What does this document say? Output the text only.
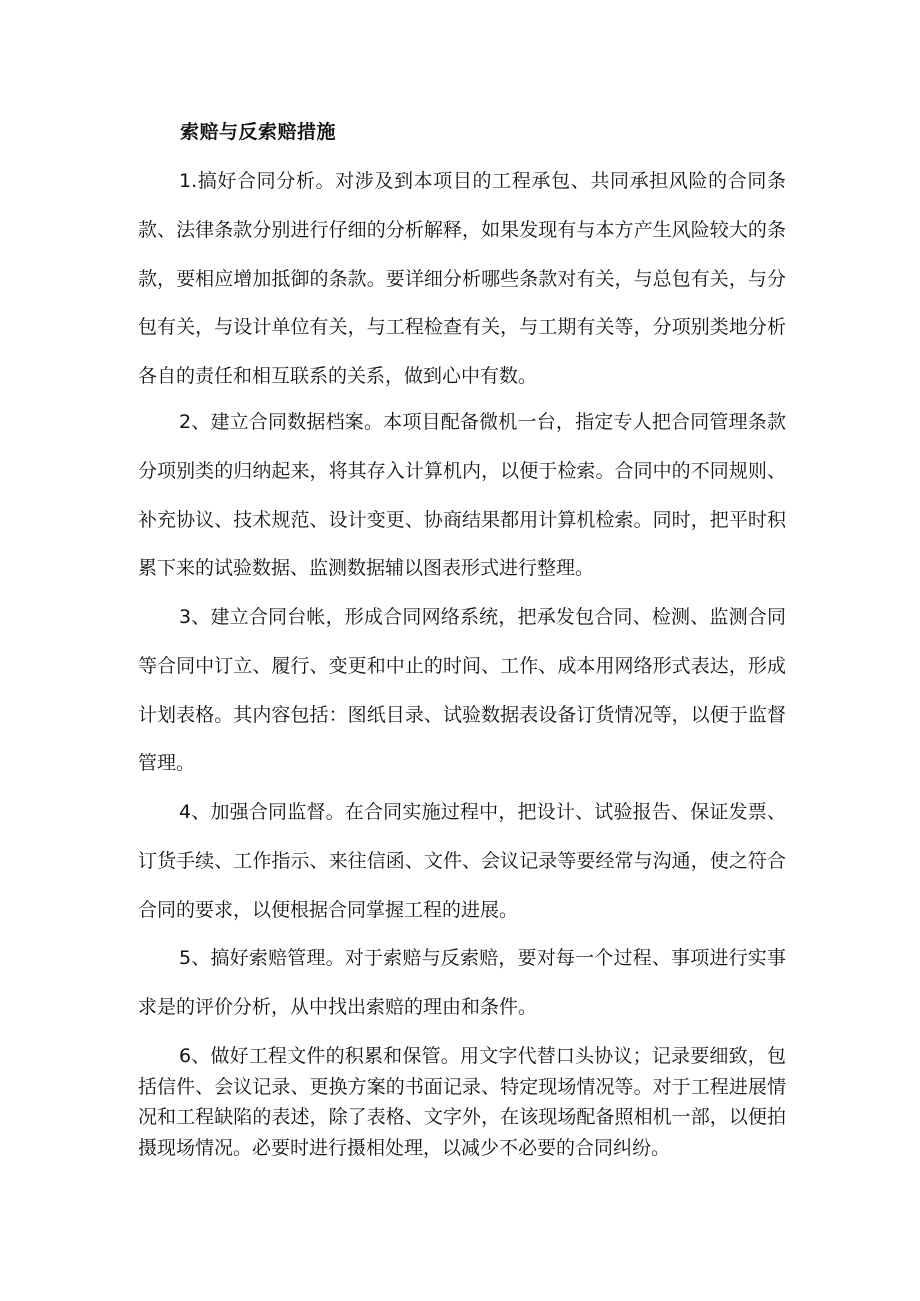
索赔与反索赔措施
1.搞好合同分析。对涉及到本项目的工程承包、共同承担风险的合同条款、法律条款分别进行仔细的分析解释，如果发现有与本方产生风险较大的条款，要相应增加抵御的条款。要详细分析哪些条款对有关，与总包有关，与分包有关，与设计单位有关，与工程检查有关，与工期有关等，分项别类地分析各自的责任和相互联系的关系，做到心中有数。
2、建立合同数据档案。本项目配备微机一台，指定专人把合同管理条款分项别类的归纳起来，将其存入计算机内，以便于检索。合同中的不同规则、补充协议、技术规范、设计变更、协商结果都用计算机检索。同时，把平时积累下来的试验数据、监测数据辅以图表形式进行整理。
3、建立合同台帐，形成合同网络系统，把承发包合同、检测、监测合同等合同中订立、履行、变更和中止的时间、工作、成本用网络形式表达，形成计划表格。其内容包括：图纸目录、试验数据表设备订货情况等，以便于监督管理。
4、加强合同监督。在合同实施过程中，把设计、试验报告、保证发票、订货手续、工作指示、来往信函、文件、会议记录等要经常与沟通，使之符合合同的要求，以便根据合同掌握工程的进展。
5、搞好索赔管理。对于索赔与反索赔，要对每一个过程、事项进行实事求是的评价分析，从中找出索赔的理由和条件。
6、做好工程文件的积累和保管。用文字代替口头协议；记录要细致，包括信件、会议记录、更换方案的书面记录、特定现场情况等。对于工程进展情况和工程缺陷的表述，除了表格、文字外，在该现场配备照相机一部，以便拍摄现场情况。必要时进行摄相处理，以减少不必要的合同纠纷。
